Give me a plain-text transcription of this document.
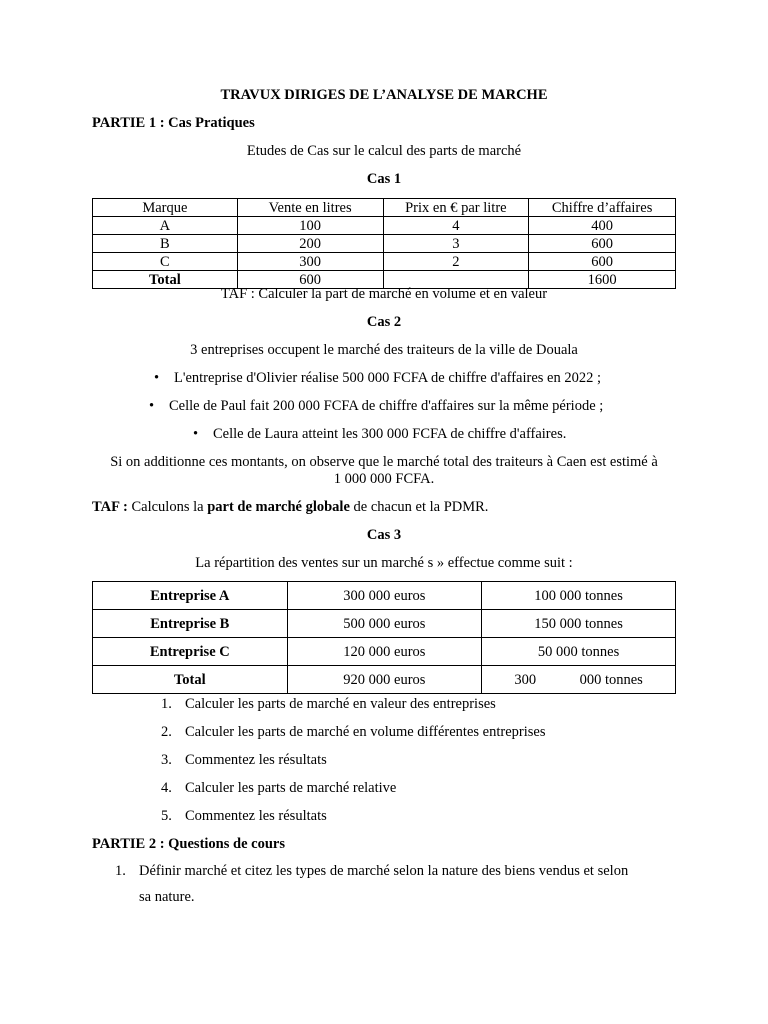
TRAVUX DIRIGES DE L’ANALYSE DE MARCHE
PARTIE 1 : Cas Pratiques
Etudes de Cas sur le calcul des parts de marché
Cas 1
Marque	Vente en litres	Prix en € par litre	Chiffre d’affaires
A	100	4	400
B	200	3	600
C	300	2	600
Total	600		1600
TAF : Calculer la part de marché en volume et en valeur
Cas 2
3 entreprises occupent le marché des traiteurs de la ville de Douala
• L'entreprise d'Olivier réalise 500 000 FCFA de chiffre d'affaires en 2022 ;
• Celle de Paul fait 200 000 FCFA de chiffre d'affaires sur la même période ;
• Celle de Laura atteint les 300 000 FCFA de chiffre d'affaires.
Si on additionne ces montants, on observe que le marché total des traiteurs à Caen est estimé à
1 000 000 FCFA.
TAF : Calculons la part de marché globale de chacun et la PDMR.
Cas 3
La répartition des ventes sur un marché s » effectue comme suit :
Entreprise A	300 000 euros	100 000 tonnes
Entreprise B	500 000 euros	150 000 tonnes
Entreprise C	120 000 euros	50 000 tonnes
Total	920 000 euros	300            000 tonnes
1. Calculer les parts de marché en valeur des entreprises
2. Calculer les parts de marché en volume différentes entreprises
3. Commentez les résultats
4. Calculer les parts de marché relative
5. Commentez les résultats
PARTIE 2 : Questions de cours
1. Définir marché et citez les types de marché selon la nature des biens vendus et selon
sa nature.
